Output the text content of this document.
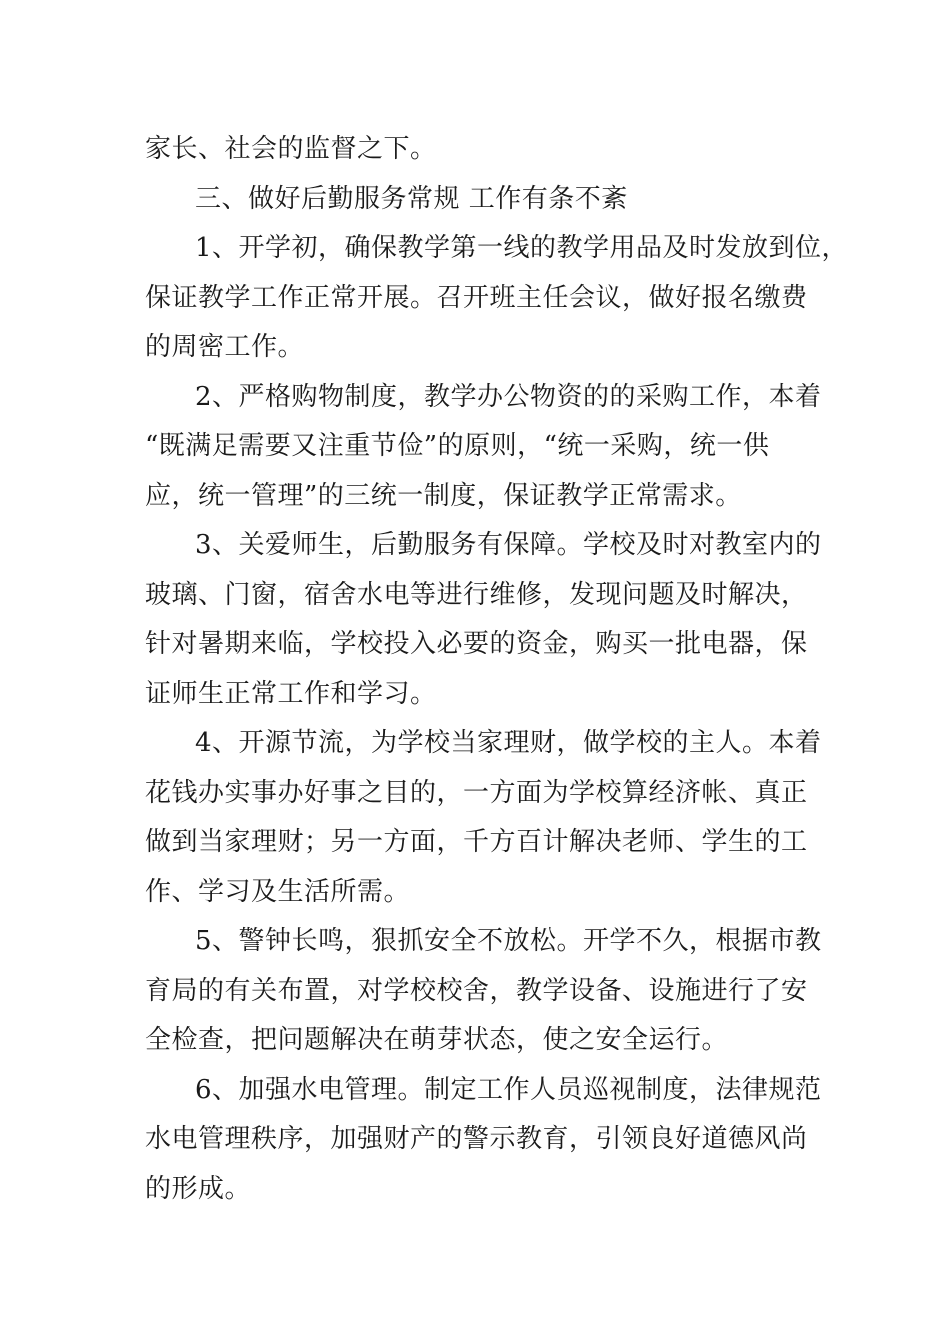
家长、社会的监督之下。

三、做好后勤服务常规 工作有条不紊

1、开学初，确保教学第一线的教学用品及时发放到位，

保证教学工作正常开展。召开班主任会议，做好报名缴费

的周密工作。

2、严格购物制度，教学办公物资的的采购工作，本着

“既满足需要又注重节俭”的原则，“统一采购，统一供

应，统一管理”的三统一制度，保证教学正常需求。

3、关爱师生，后勤服务有保障。学校及时对教室内的

玻璃、门窗，宿舍水电等进行维修，发现问题及时解决，

针对暑期来临，学校投入必要的资金，购买一批电器，保

证师生正常工作和学习。

4、开源节流，为学校当家理财，做学校的主人。本着

花钱办实事办好事之目的，一方面为学校算经济帐、真正

做到当家理财；另一方面，千方百计解决老师、学生的工

作、学习及生活所需。

5、警钟长鸣，狠抓安全不放松。开学不久，根据市教

育局的有关布置，对学校校舍，教学设备、设施进行了安

全检查，把问题解决在萌芽状态，使之安全运行。

6、加强水电管理。制定工作人员巡视制度，法律规范

水电管理秩序，加强财产的警示教育，引领良好道德风尚

的形成。
